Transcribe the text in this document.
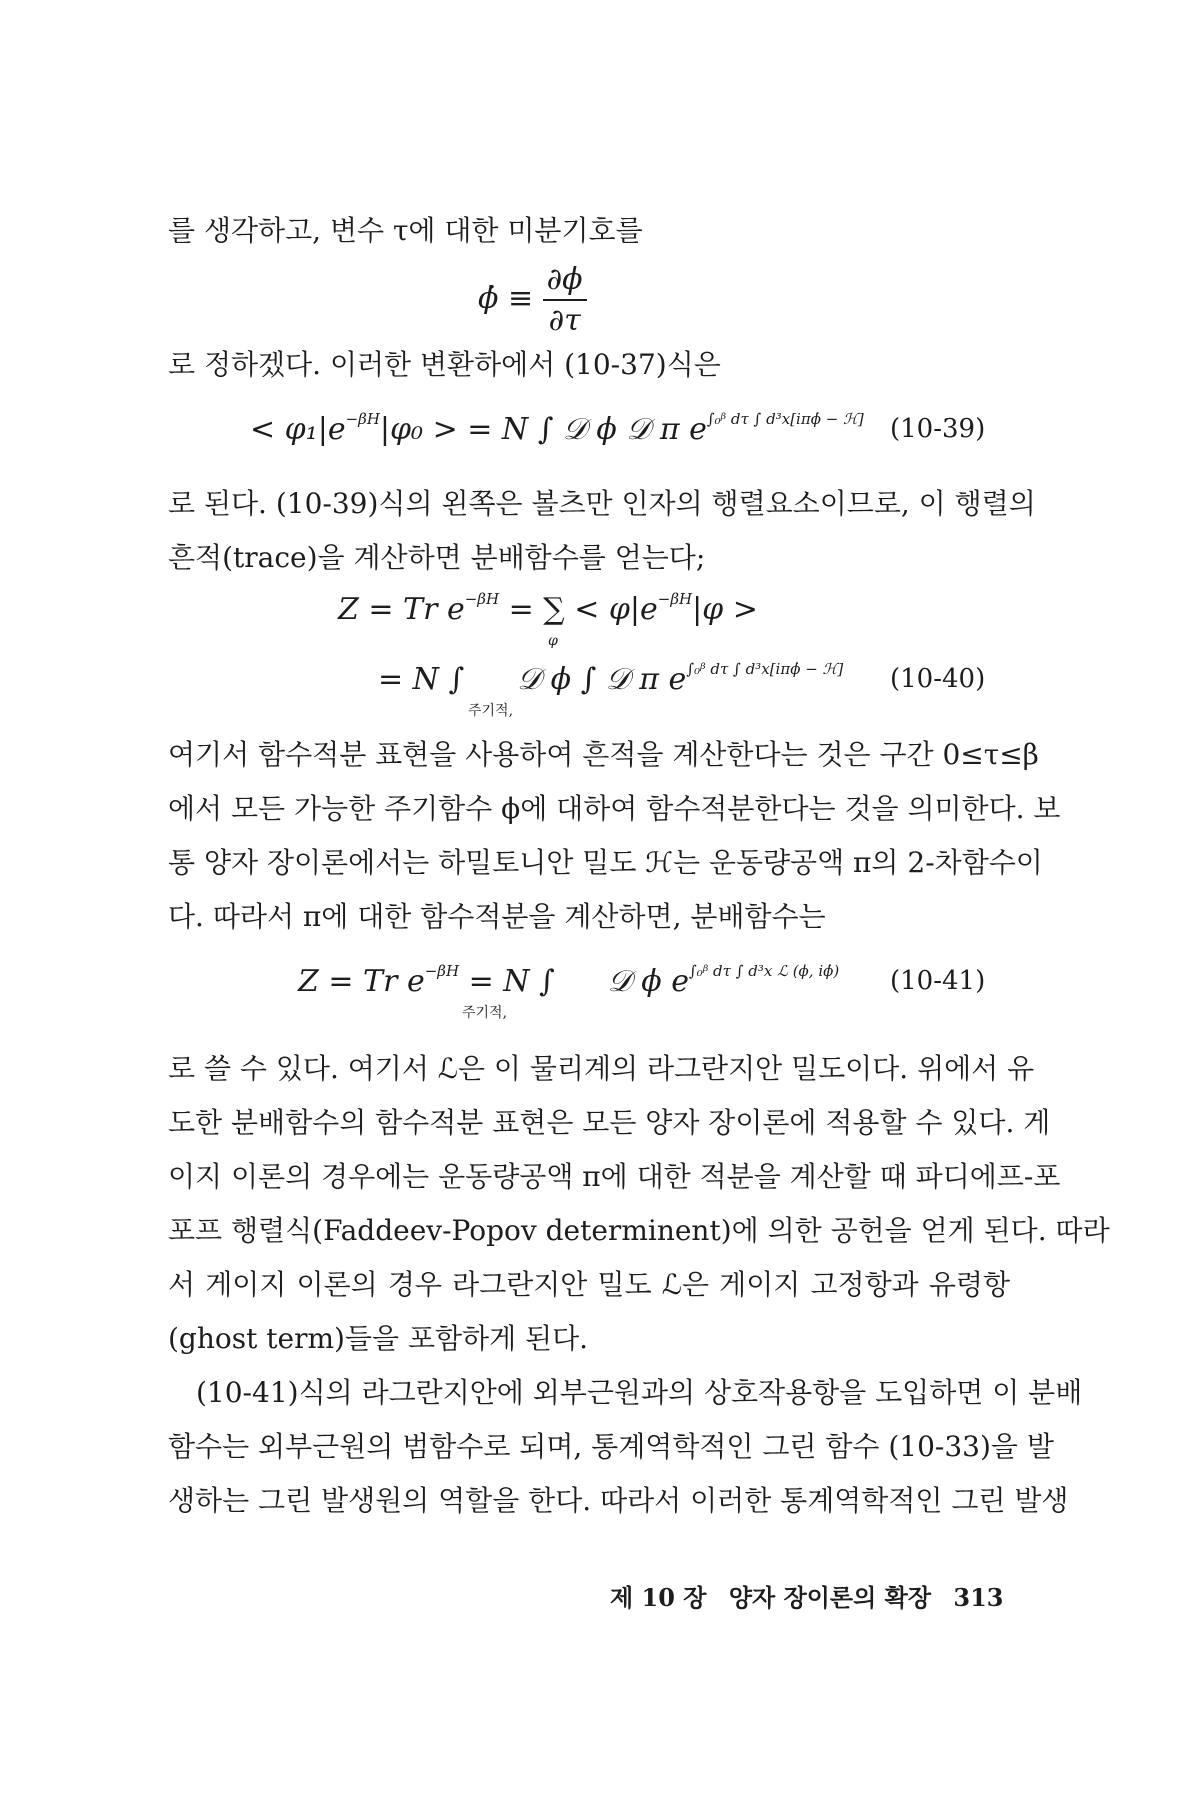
를 생각하고, 변수 τ에 대한 미분기호를
ϕ̇ ≡ $\frac{\partial\phi}{\partial\tau}$
로 정하겠다. 이러한 변환하에서 (10-37)식은
< $\varphi_1|e^{-\beta H}|\varphi_0$ > = N ∫ 𝒟 ϕ 𝒟 π $e^{\int_0ᵝ d\tau \int d^3x[i\pi\phi̇ - ℋ]}$ (10-39)
로 된다. (10-39)식의 왼쪽은 볼츠만 인자의 행렬요소이므로, 이 행렬의
흔적(trace)을 계산하면 분배함수를 얻는다;
Z = Tr $e^{-\beta H}$ = ∑ < $\varphi|e^{-\beta H}|\varphi$ >
φ
= N ∫ 𝒟 ϕ ∫ 𝒟 π $e^{\int_0ᵝ d\tau \int d^3x[i\pi\phi̇ - ℋ]}$
주기적,
(10-40)
여기서 함수적분 표현을 사용하여 흔적을 계산한다는 것은 구간 0≤τ≤β
에서 모든 가능한 주기함수 ϕ에 대하여 함수적분한다는 것을 의미한다. 보
통 양자 장이론에서는 하밀토니안 밀도 ℋ는 운동량공액 π의 2-차함수이
다. 따라서 π에 대한 함수적분을 계산하면, 분배함수는
Z = Tr $e^{-\beta H} = N$ ∫ 𝒟 ϕ $e^{\int_0ᵝ d\tau \int d^3x ℒ (\phi, i\phi̇)}$
주기적,
(10-41)
로 쓸 수 있다. 여기서 ℒ은 이 물리계의 라그란지안 밀도이다. 위에서 유
도한 분배함수의 함수적분 표현은 모든 양자 장이론에 적용할 수 있다. 게
이지 이론의 경우에는 운동량공액 π에 대한 적분을 계산할 때 파디에프-포
포프 행렬식(Faddeev-Popov determinent)에 의한 공헌을 얻게 된다. 따라
서 게이지 이론의 경우 라그란지안 밀도 ℒ은 게이지 고정항과 유령항
(ghost term)들을 포함하게 된다.
(10-41)식의 라그란지안에 외부근원과의 상호작용항을 도입하면 이 분배
함수는 외부근원의 범함수로 되며, 통계역학적인 그린 함수 (10-33)을 발
생하는 그린 발생원의 역할을 한다. 따라서 이러한 통계역학적인 그린 발생
제 10 장 양자 장이론의 확장 313
